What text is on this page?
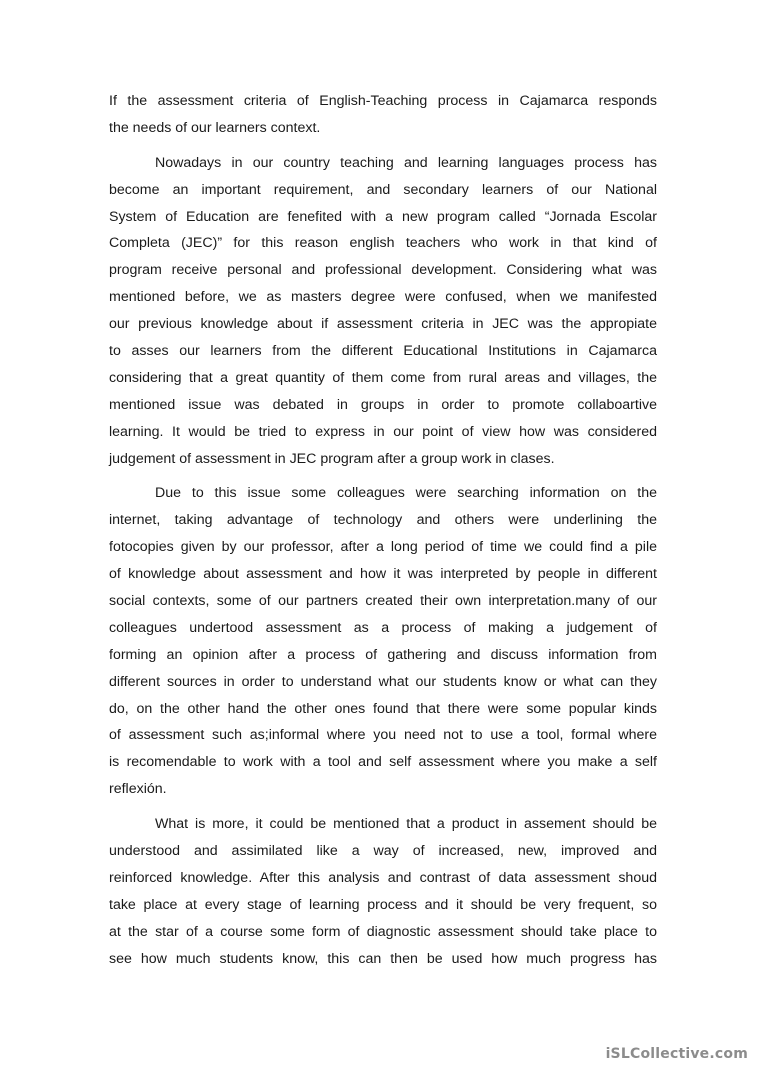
If the assessment criteria of English-Teaching process in Cajamarca responds
the needs of our learners context.
Nowadays in our country teaching and learning languages process has
become an important requirement, and secondary learners of our National
System of Education are fenefited with a new program called “Jornada Escolar
Completa (JEC)” for this reason english teachers who work in that kind of
program receive personal and professional development. Considering what was
mentioned before, we as masters degree were confused, when we manifested
our previous knowledge about if assessment criteria in JEC was the appropiate
to asses our learners from the different Educational Institutions in Cajamarca
considering that a great quantity of them come from rural areas and villages, the
mentioned issue was debated in groups in order to promote collaboartive
learning. It would be tried to express in our point of view how was considered
judgement of assessment in JEC program after a group work in clases.
Due to this issue some colleagues were searching information on the
internet, taking advantage of technology and others were underlining the
fotocopies given by our professor, after a long period of time we could find a pile
of knowledge about assessment and how it was interpreted by people in different
social contexts, some of our partners created their own interpretation.many of our
colleagues undertood assessment as a process of making a judgement of
forming an opinion after a process of gathering and discuss information from
different sources in order to understand what our students know or what can they
do, on the other hand the other ones found that there were some popular kinds
of assessment such as;informal where you need not to use a tool, formal where
is recomendable to work with a tool and self assessment where you make a self
reflexión.
What is more, it could be mentioned that a product in assement should be
understood and assimilated like a way of increased, new, improved and
reinforced knowledge. After this analysis and contrast of data assessment shoud
take place at every stage of learning process and it should be very frequent, so
at the star of a course some form of diagnostic assessment should take place to
see how much students know, this can then be used how much progress has
iSLCollective.com
